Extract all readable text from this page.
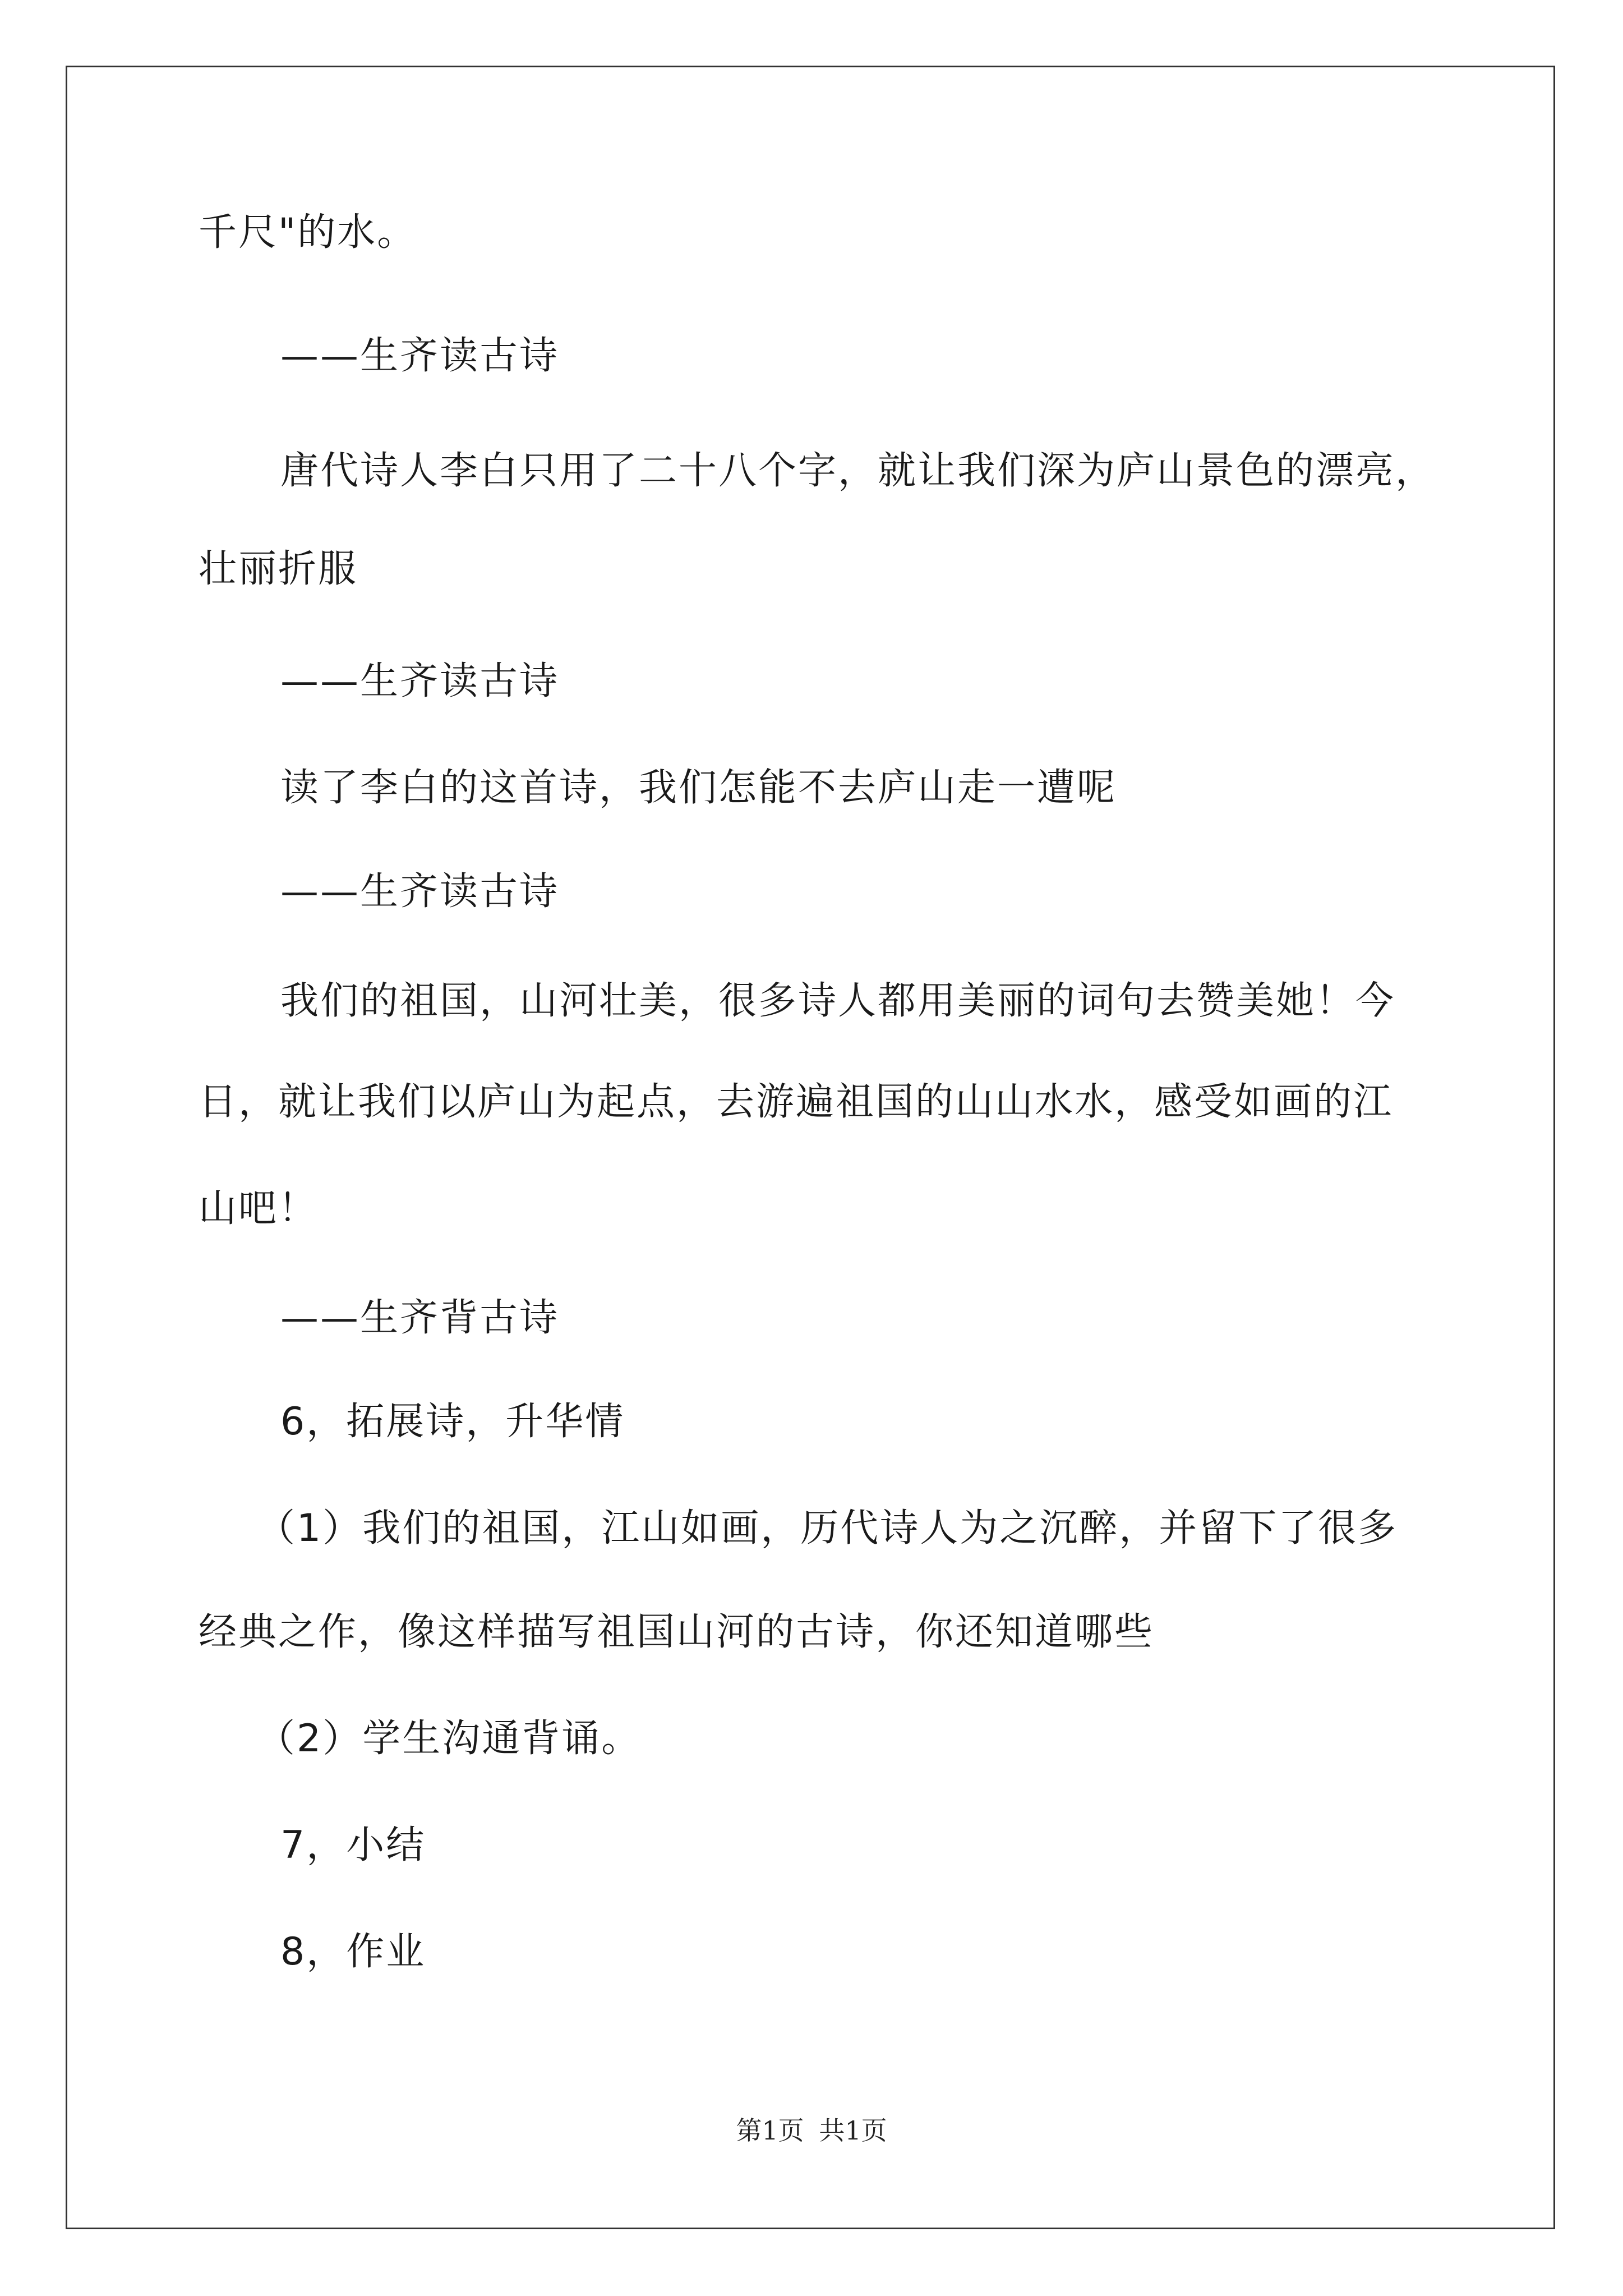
千尺"的水。
——生齐读古诗
唐代诗人李白只用了二十八个字，就让我们深为庐山景色的漂亮，
壮丽折服
——生齐读古诗
读了李白的这首诗，我们怎能不去庐山走一遭呢
——生齐读古诗
我们的祖国，山河壮美，很多诗人都用美丽的词句去赞美她！今
日，就让我们以庐山为起点，去游遍祖国的山山水水，感受如画的江
山吧！
——生齐背古诗
6，拓展诗，升华情
（1）我们的祖国，江山如画，历代诗人为之沉醉，并留下了很多
经典之作，像这样描写祖国山河的古诗，你还知道哪些
（2）学生沟通背诵。
7，小结
8，作业
第1页 共1页
